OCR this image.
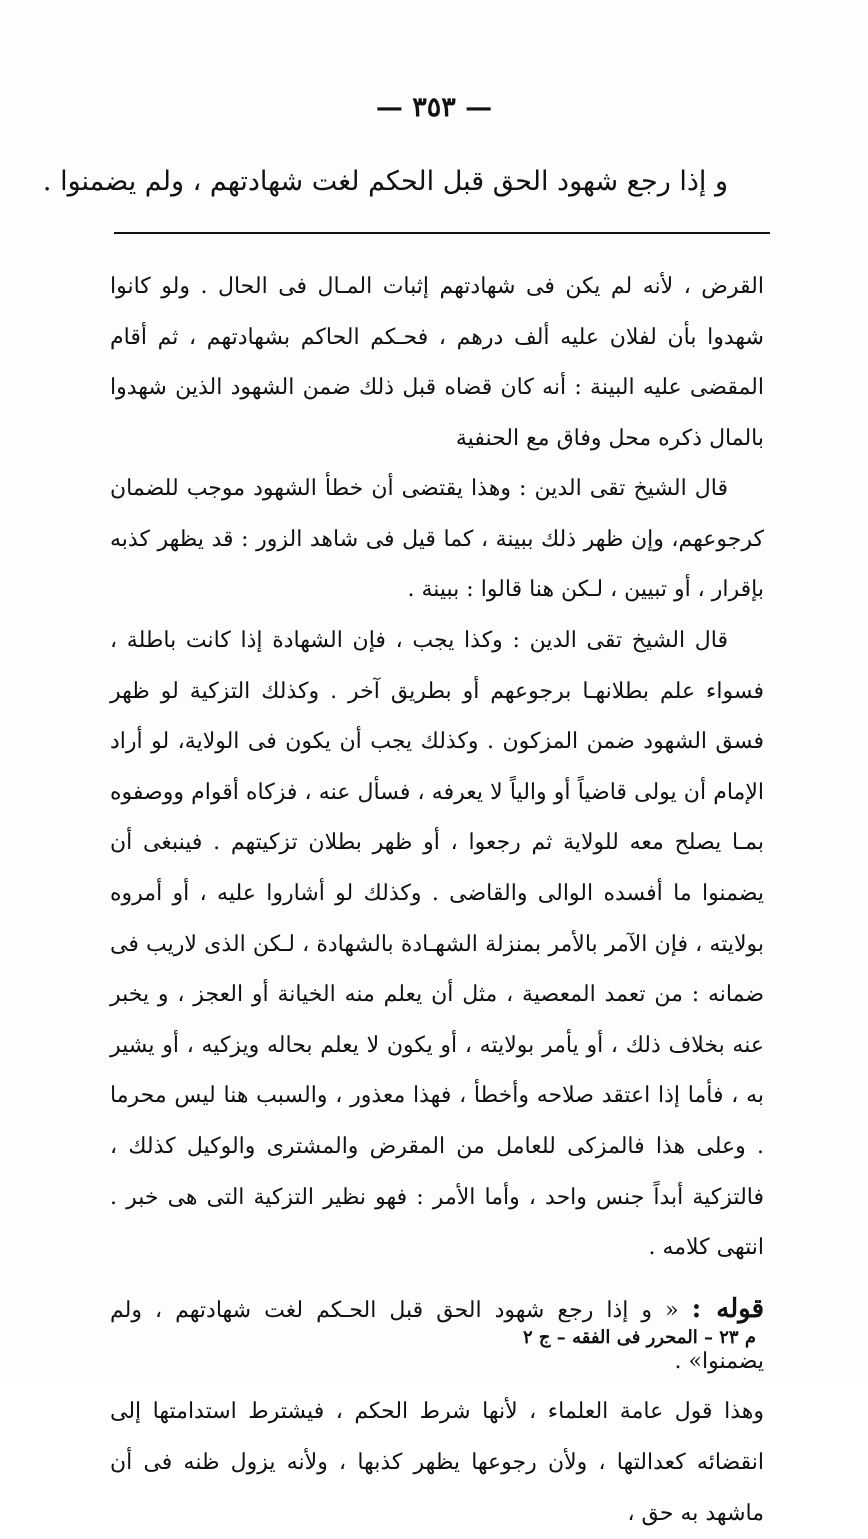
— ٣٥٣ —
و إذا رجع شهود الحق قبل الحكم لغت شهادتهم ، ولم يضمنوا .

القرض ، لأنه لم يكن فى شهادتهم إثبات المـال فى الحال . ولو كانوا شهدوا بأن لفلان عليه ألف درهم ، فحـكم الحاكم بشهادتهم ، ثم أقام المقضى عليه البينة : أنه كان قضاه قبل ذلك ضمن الشهود الذين شهدوا بالمال ذكره محل وفاق مع الحنفية

قال الشيخ تقى الدين : وهذا يقتضى أن خطأ الشهود موجب للضمان كرجوعهم، وإن ظهر ذلك ببينة ، كما قيل فى شاهد الزور : قد يظهر كذبه بإقرار ، أو تبيين ، لـكن هنا قالوا : ببينة .

قال الشيخ تقى الدين : وكذا يجب ، فإن الشهادة إذا كانت باطلة ، فسواء علم بطلانهـا برجوعهم أو بطريق آخر . وكذلك التزكية لو ظهر فسق الشهود ضمن المزكون . وكذلك يجب أن يكون فى الولاية، لو أراد الإمام أن يولى قاضياً أو والياً لا يعرفه ، فسأل عنه ، فزكاه أقوام ووصفوه بمـا يصلح معه للولاية ثم رجعوا ، أو ظهر بطلان تزكيتهم . فينبغى أن يضمنوا ما أفسده الوالى والقاضى . وكذلك لو أشاروا عليه ، أو أمروه بولايته ، فإن الآمر بالأمر بمنزلة الشهـادة بالشهادة ، لـكن الذى لاريب فى ضمانه : من تعمد المعصية ، مثل أن يعلم منه الخيانة أو العجز ، و يخبر عنه بخلاف ذلك ، أو يأمر بولايته ، أو يكون لا يعلم بحاله ويزكيه ، أو يشير به ، فأما إذا اعتقد صلاحه وأخطأ ، فهذا معذور ، والسبب هنا ليس محرما . وعلى هذا فالمزكى للعامل من المقرض والمشترى والوكيل كذلك ، فالتزكية أبداً جنس واحد ، وأما الأمر : فهو نظير التزكية التى هى خبر . انتهى كلامه .

قوله : « و إذا رجع شهود الحق قبل الحـكم لغت شهادتهم ، ولم يضمنوا» .

وهذا قول عامة العلماء ، لأنها شرط الحكم ، فيشترط استدامتها إلى انقضائه كعدالتها ، ولأن رجوعها يظهر كذبها ، ولأنه يزول ظنه فى أن ماشهد به حق ،

م ٢٣ – المحرر فى الفقه – ج ٢
